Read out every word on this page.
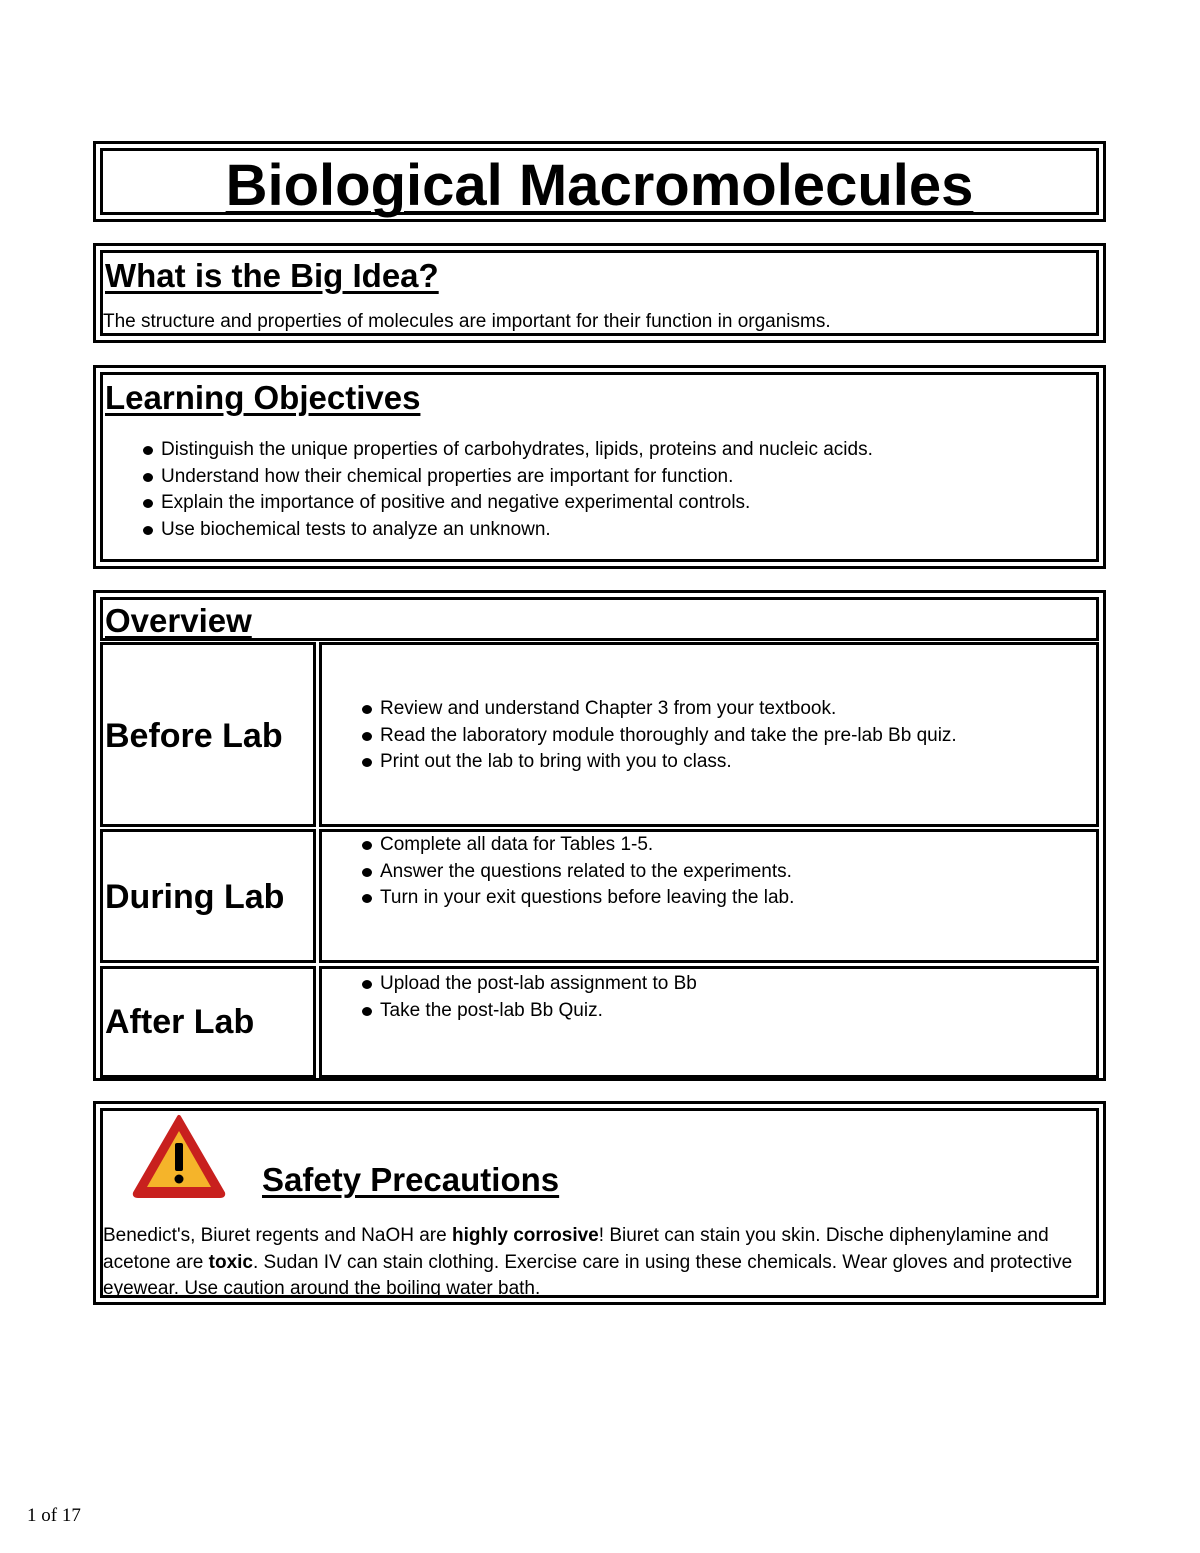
Biological Macromolecules
What is the Big Idea?
The structure and properties of molecules are important for their function in organisms.
Learning Objectives
Distinguish the unique properties of carbohydrates, lipids, proteins and nucleic acids.
Understand how their chemical properties are important for function.
Explain the importance of positive and negative experimental controls.
Use biochemical tests to analyze an unknown.
Overview
Before Lab
Review and understand Chapter 3 from your textbook.
Read the laboratory module thoroughly and take the pre-lab Bb quiz.
Print out the lab to bring with you to class.
During Lab
Complete all data for Tables 1-5.
Answer the questions related to the experiments.
Turn in your exit questions before leaving the lab.
After Lab
Upload the post-lab assignment to Bb
Take the post-lab Bb Quiz.
Safety Precautions
Benedict's, Biuret regents and NaOH are highly corrosive! Biuret can stain you skin. Dische diphenylamine and acetone are toxic. Sudan IV can stain clothing. Exercise care in using these chemicals. Wear gloves and protective eyewear. Use caution around the boiling water bath.
1 of 17
